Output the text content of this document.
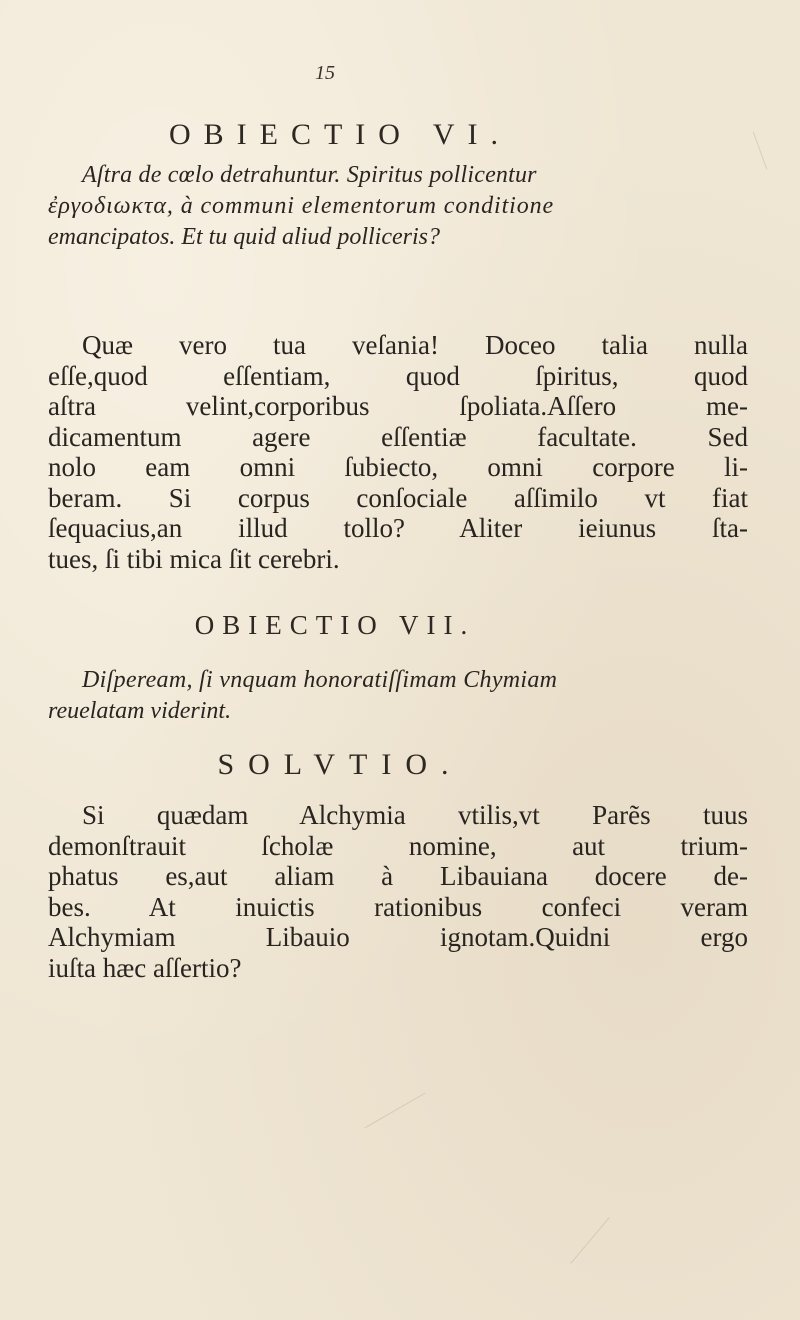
15
OBIECTIO VI.
Aſtra de cœlo detrahuntur. Spiritus pollicentur
ἐργοδιωκτα, à communi elementorum conditione
emancipatos. Et tu quid aliud polliceris?
Quæ vero tua veſania! Doceo talia nulla
eſſe,quod eſſentiam, quod ſpiritus, quod
aſtra velint,corporibus ſpoliata.Aſſero me-
dicamentum agere eſſentiæ facultate. Sed
nolo eam omni ſubiecto, omni corpore li-
beram. Si corpus conſociale aſſimilo vt fiat
ſequacius,an illud tollo? Aliter ieiunus ſta-
tues, ſi tibi mica ſit cerebri.
OBIECTIO VII.
Diſpeream, ſi vnquam honoratiſſimam Chymiam
reuelatam viderint.
SOLVTIO.
Si quædam Alchymia vtilis,vt Parẽs tuus
demonſtrauit ſcholæ nomine, aut trium-
phatus es,aut aliam à Libauiana docere de-
bes. At inuictis rationibus confeci veram
Alchymiam Libauio ignotam.Quidni ergo
iuſta hæc aſſertio?
